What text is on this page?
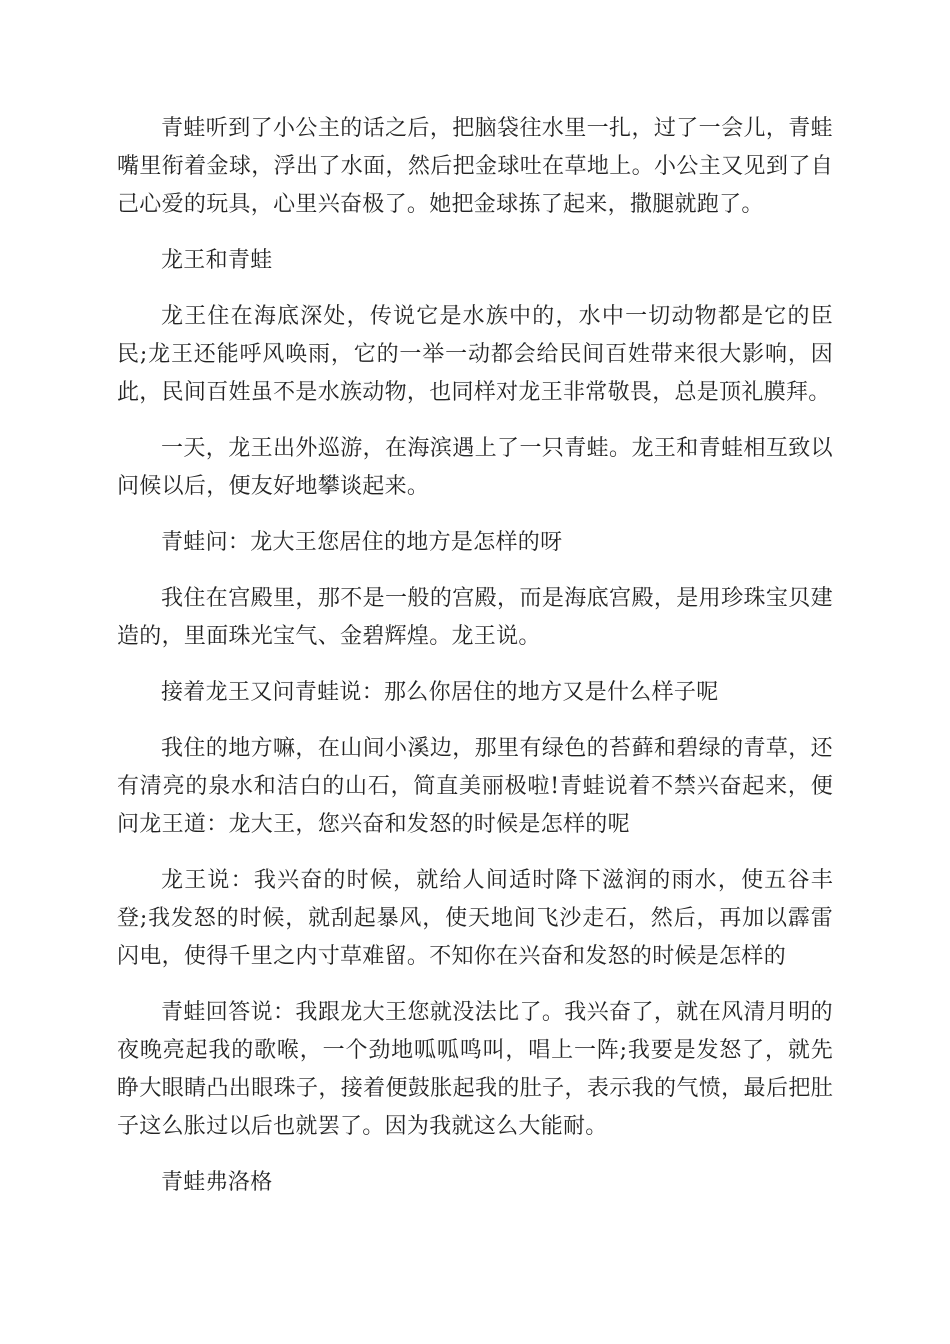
青蛙听到了小公主的话之后，把脑袋往水里一扎，过了一会儿，青蛙嘴里衔着金球，浮出了水面，然后把金球吐在草地上。小公主又见到了自己心爱的玩具，心里兴奋极了。她把金球拣了起来，撒腿就跑了。

龙王和青蛙

龙王住在海底深处，传说它是水族中的，水中一切动物都是它的臣民;龙王还能呼风唤雨，它的一举一动都会给民间百姓带来很大影响，因此，民间百姓虽不是水族动物，也同样对龙王非常敬畏，总是顶礼膜拜。

一天，龙王出外巡游，在海滨遇上了一只青蛙。龙王和青蛙相互致以问候以后，便友好地攀谈起来。

青蛙问：龙大王您居住的地方是怎样的呀

我住在宫殿里，那不是一般的宫殿，而是海底宫殿，是用珍珠宝贝建造的，里面珠光宝气、金碧辉煌。龙王说。

接着龙王又问青蛙说：那么你居住的地方又是什么样子呢

我住的地方嘛，在山间小溪边，那里有绿色的苔藓和碧绿的青草，还有清亮的泉水和洁白的山石，简直美丽极啦!青蛙说着不禁兴奋起来，便问龙王道：龙大王，您兴奋和发怒的时候是怎样的呢

龙王说：我兴奋的时候，就给人间适时降下滋润的雨水，使五谷丰登;我发怒的时候，就刮起暴风，使天地间飞沙走石，然后，再加以霹雷闪电，使得千里之内寸草难留。不知你在兴奋和发怒的时候是怎样的

青蛙回答说：我跟龙大王您就没法比了。我兴奋了，就在风清月明的夜晚亮起我的歌喉，一个劲地呱呱鸣叫，唱上一阵;我要是发怒了，就先睁大眼睛凸出眼珠子，接着便鼓胀起我的肚子，表示我的气愤，最后把肚子这么胀过以后也就罢了。因为我就这么大能耐。

青蛙弗洛格
